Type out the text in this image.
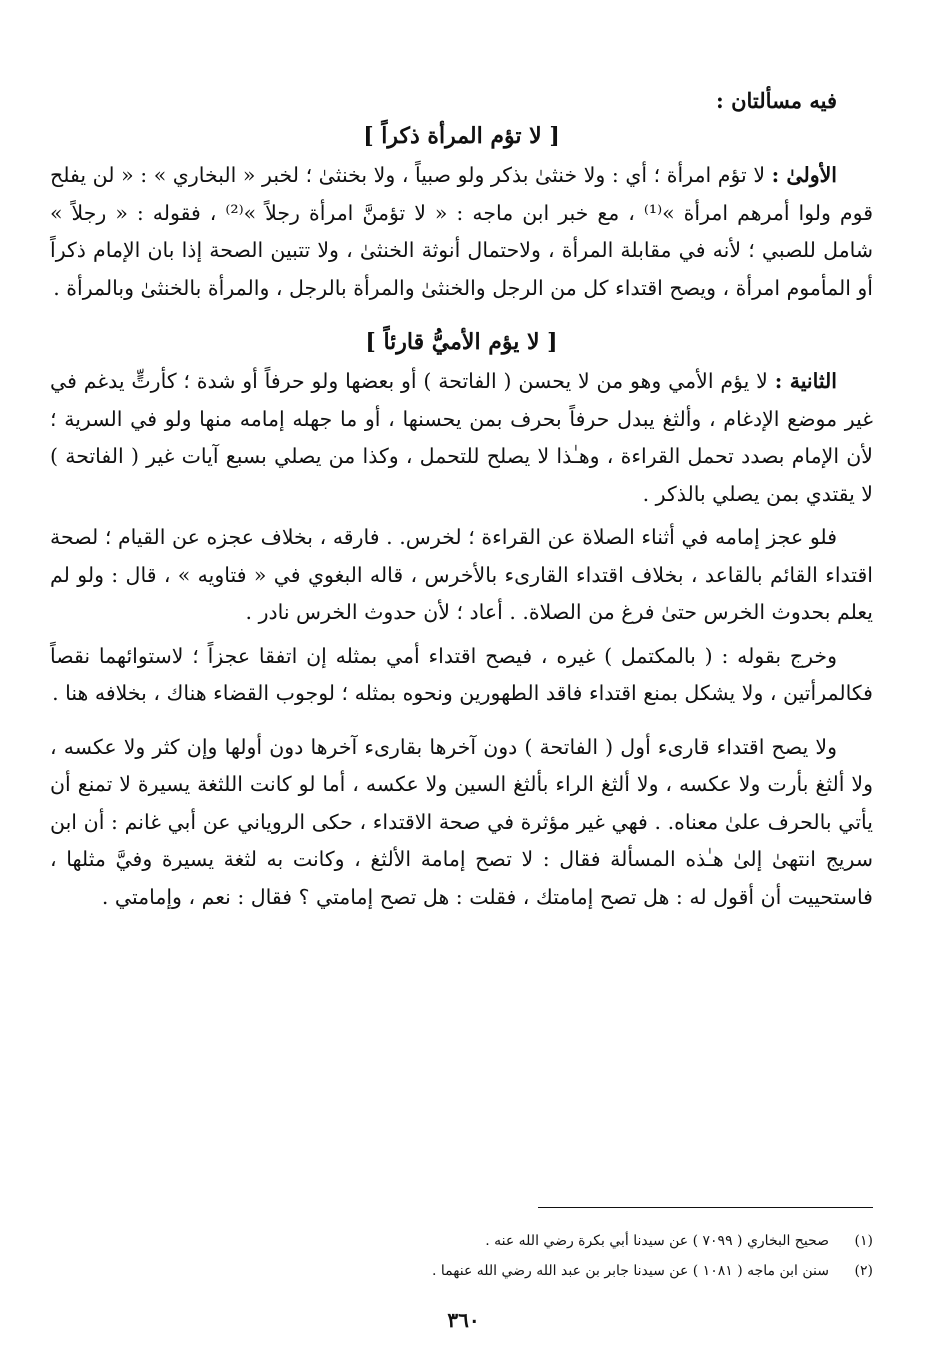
فيه مسألتان :
[ لا تؤم المرأة ذكراً ]

الأولىٰ : لا تؤم امرأة ؛ أي : ولا خنثىٰ بذكر ولو صبياً ، ولا بخنثىٰ ؛ لخبر « البخاري » : « لن يفلح قوم ولوا أمرهم امرأة »⁽¹⁾ ، مع خبر ابن ماجه : « لا تؤمنَّ امرأة رجلاً »⁽²⁾ ، فقوله : « رجلاً » شامل للصبي ؛ لأنه في مقابلة المرأة ، ولاحتمال أنوثة الخنثىٰ ، ولا تتبين الصحة إذا بان الإمام ذكراً أو المأموم امرأة ، ويصح اقتداء كل من الرجل والخنثىٰ والمرأة بالرجل ، والمرأة بالخنثىٰ وبالمرأة .

[ لا يؤم الأميُّ قارئاً ]

الثانية : لا يؤم الأمي وهو من لا يحسن ( الفاتحة ) أو بعضها ولو حرفاً أو شدة ؛ كأرتٍّ يدغم في غير موضع الإدغام ، وألثغ يبدل حرفاً بحرف بمن يحسنها ، أو ما جهله إمامه منها ولو في السرية ؛ لأن الإمام بصدد تحمل القراءة ، وهـٰذا لا يصلح للتحمل ، وكذا من يصلي بسبع آيات غير ( الفاتحة ) لا يقتدي بمن يصلي بالذكر .

فلو عجز إمامه في أثناء الصلاة عن القراءة ؛ لخرس. . فارقه ، بخلاف عجزه عن القيام ؛ لصحة اقتداء القائم بالقاعد ، بخلاف اقتداء القارىء بالأخرس ، قاله البغوي في « فتاويه » ، قال : ولو لم يعلم بحدوث الخرس حتىٰ فرغ من الصلاة. . أعاد ؛ لأن حدوث الخرس نادر .

وخرج بقوله : ( بالمكتمل ) غيره ، فيصح اقتداء أمي بمثله إن اتفقا عجزاً ؛ لاستوائهما نقصاً فكالمرأتين ، ولا يشكل بمنع اقتداء فاقد الطهورين ونحوه بمثله ؛ لوجوب القضاء هناك ، بخلافه هنا .

ولا يصح اقتداء قارىء أول ( الفاتحة ) دون آخرها بقارىء آخرها دون أولها وإن كثر ولا عكسه ، ولا ألثغ بأرت ولا عكسه ، ولا ألثغ الراء بألثغ السين ولا عكسه ، أما لو كانت اللثغة يسيرة لا تمنع أن يأتي بالحرف علىٰ معناه. . فهي غير مؤثرة في صحة الاقتداء ، حكى الروياني عن أبي غانم : أن ابن سريج انتهىٰ إلىٰ هـٰذه المسألة فقال : لا تصح إمامة الألثغ ، وكانت به لثغة يسيرة وفيَّ مثلها ، فاستحييت أن أقول له : هل تصح إمامتك ، فقلت : هل تصح إمامتي ؟ فقال : نعم ، وإمامتي .

(١)
صحيح البخاري ( ٧٠٩٩ ) عن سيدنا أبي بكرة رضي الله عنه .
(٢)
سنن ابن ماجه ( ١٠٨١ ) عن سيدنا جابر بن عبد الله رضي الله عنهما .
٣٦٠
